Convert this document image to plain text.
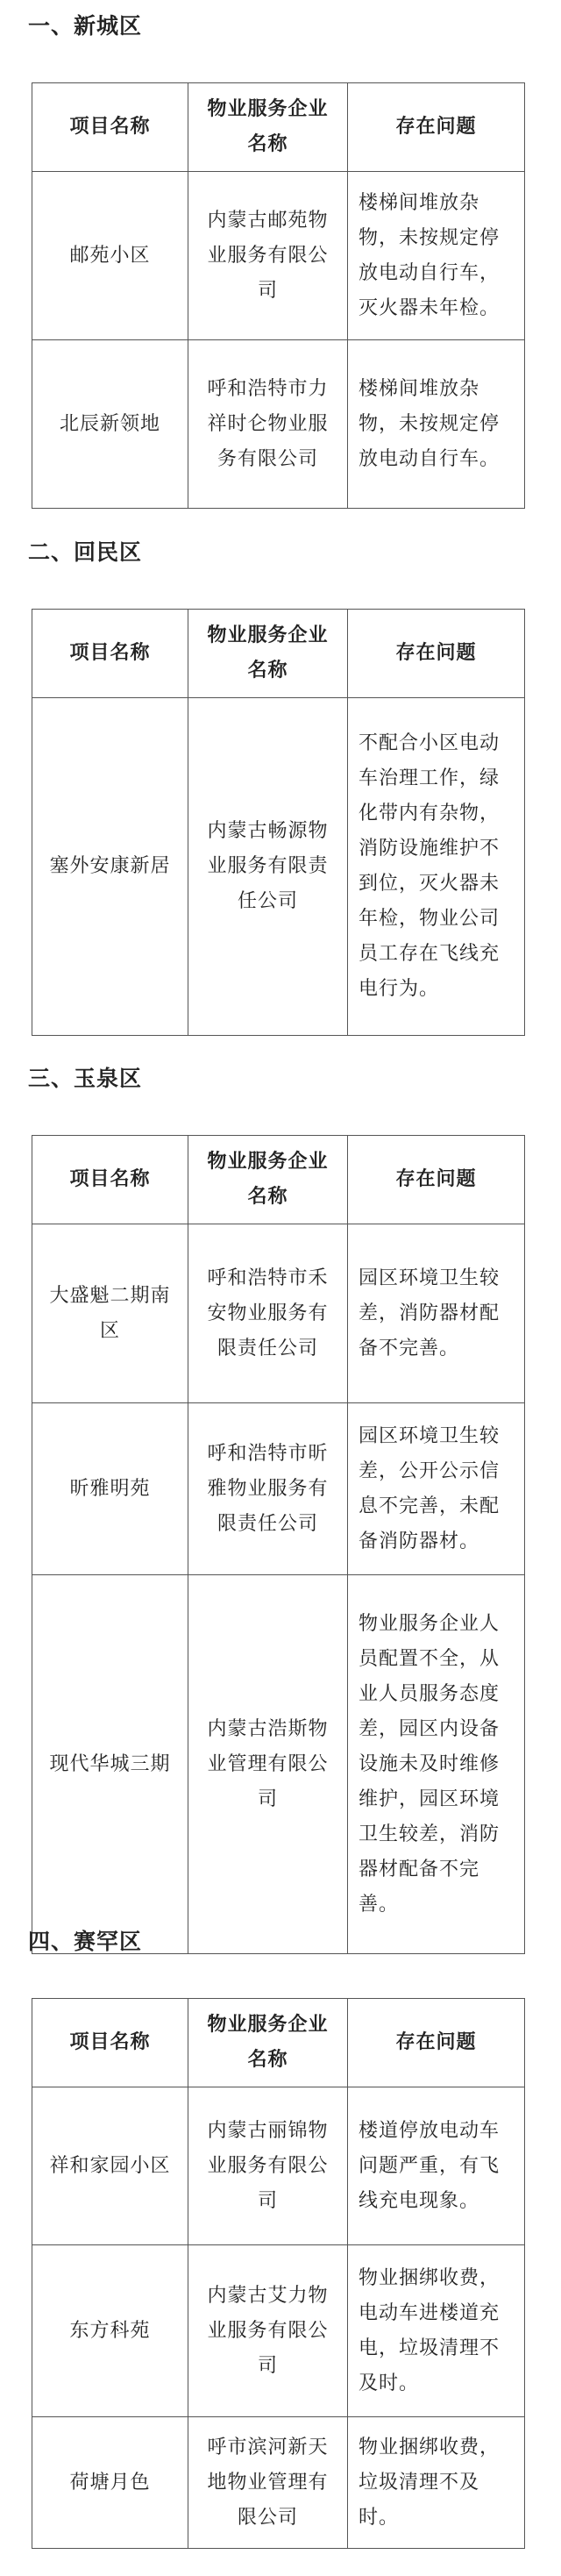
一、新城区
项目名称	物业服务企业名称	存在问题
邮苑小区	内蒙古邮苑物业服务有限公司	楼梯间堆放杂物，未按规定停放电动自行车，灭火器未年检。
北辰新领地	呼和浩特市力祥时仑物业服务有限公司	楼梯间堆放杂物，未按规定停放电动自行车。
二、回民区
项目名称	物业服务企业名称	存在问题
塞外安康新居	内蒙古畅源物业服务有限责任公司	不配合小区电动车治理工作，绿化带内有杂物，消防设施维护不到位，灭火器未年检，物业公司员工存在飞线充电行为。
三、玉泉区
项目名称	物业服务企业名称	存在问题
大盛魁二期南区	呼和浩特市禾安物业服务有限责任公司	园区环境卫生较差，消防器材配备不完善。
昕雅明苑	呼和浩特市昕雅物业服务有限责任公司	园区环境卫生较差，公开公示信息不完善，未配备消防器材。
现代华城三期	内蒙古浩斯物业管理有限公司	物业服务企业人员配置不全，从业人员服务态度差，园区内设备设施未及时维修维护，园区环境卫生较差，消防器材配备不完善。
四、赛罕区
项目名称	物业服务企业名称	存在问题
祥和家园小区	内蒙古丽锦物业服务有限公司	楼道停放电动车问题严重，有飞线充电现象。
东方科苑	内蒙古艾力物业服务有限公司	物业捆绑收费，电动车进楼道充电，垃圾清理不及时。
荷塘月色	呼市滨河新天地物业管理有限公司	物业捆绑收费，垃圾清理不及时。
